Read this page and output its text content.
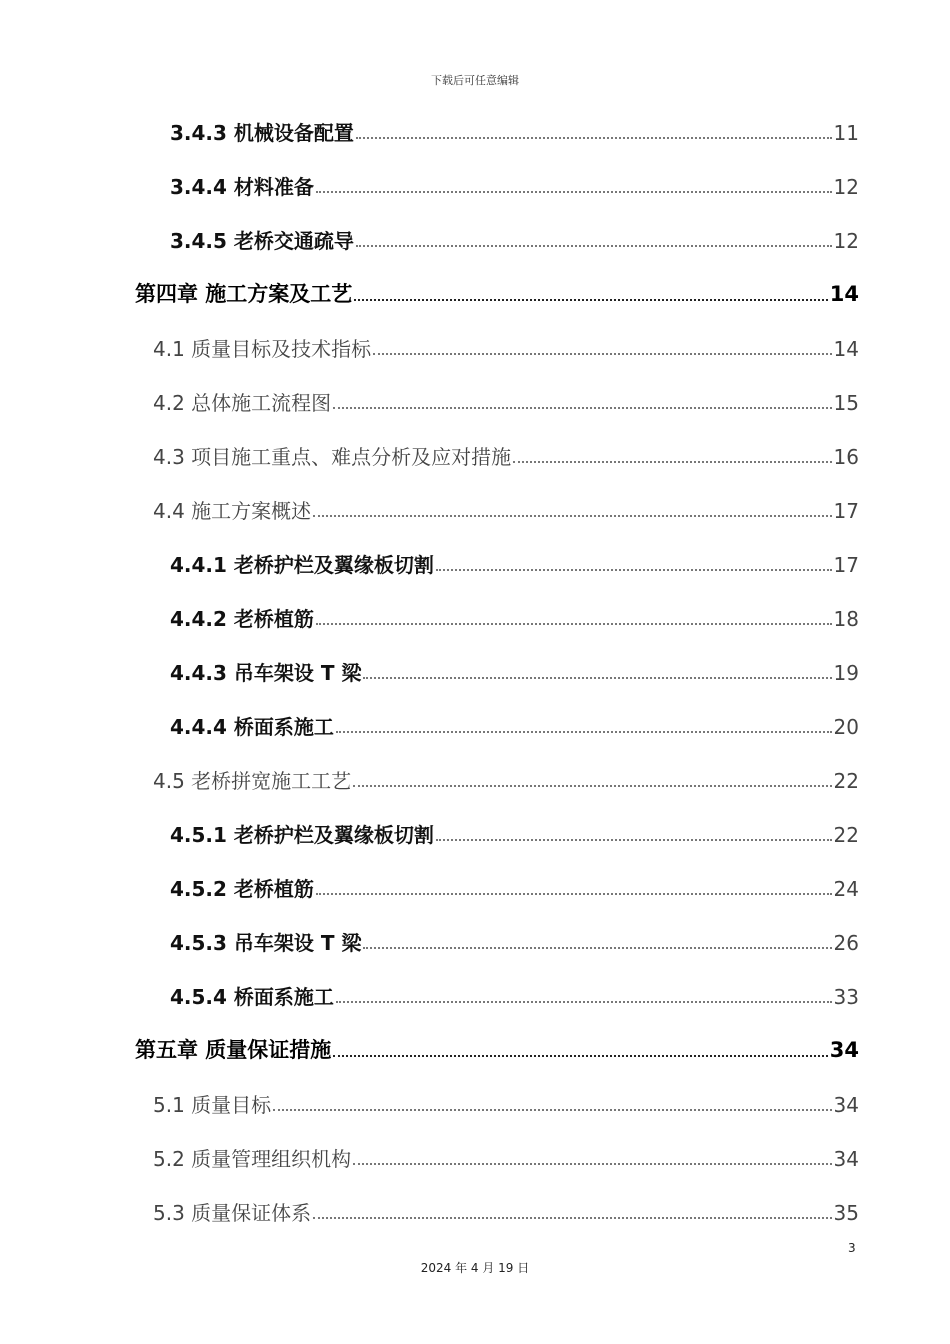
下载后可任意编辑
3.4.3 机械设备配置	11
3.4.4 材料准备	12
3.4.5 老桥交通疏导	12
第四章 施工方案及工艺	14
4.1 质量目标及技术指标	14
4.2 总体施工流程图	15
4.3 项目施工重点、难点分析及应对措施	16
4.4 施工方案概述	17
4.4.1 老桥护栏及翼缘板切割	17
4.4.2 老桥植筋	18
4.4.3 吊车架设 T 梁	19
4.4.4 桥面系施工	20
4.5 老桥拼宽施工工艺	22
4.5.1 老桥护栏及翼缘板切割	22
4.5.2 老桥植筋	24
4.5.3 吊车架设 T 梁	26
4.5.4 桥面系施工	33
第五章 质量保证措施	34
5.1 质量目标	34
5.2 质量管理组织机构	34
5.3 质量保证体系	35
3
2024 年 4 月 19 日
